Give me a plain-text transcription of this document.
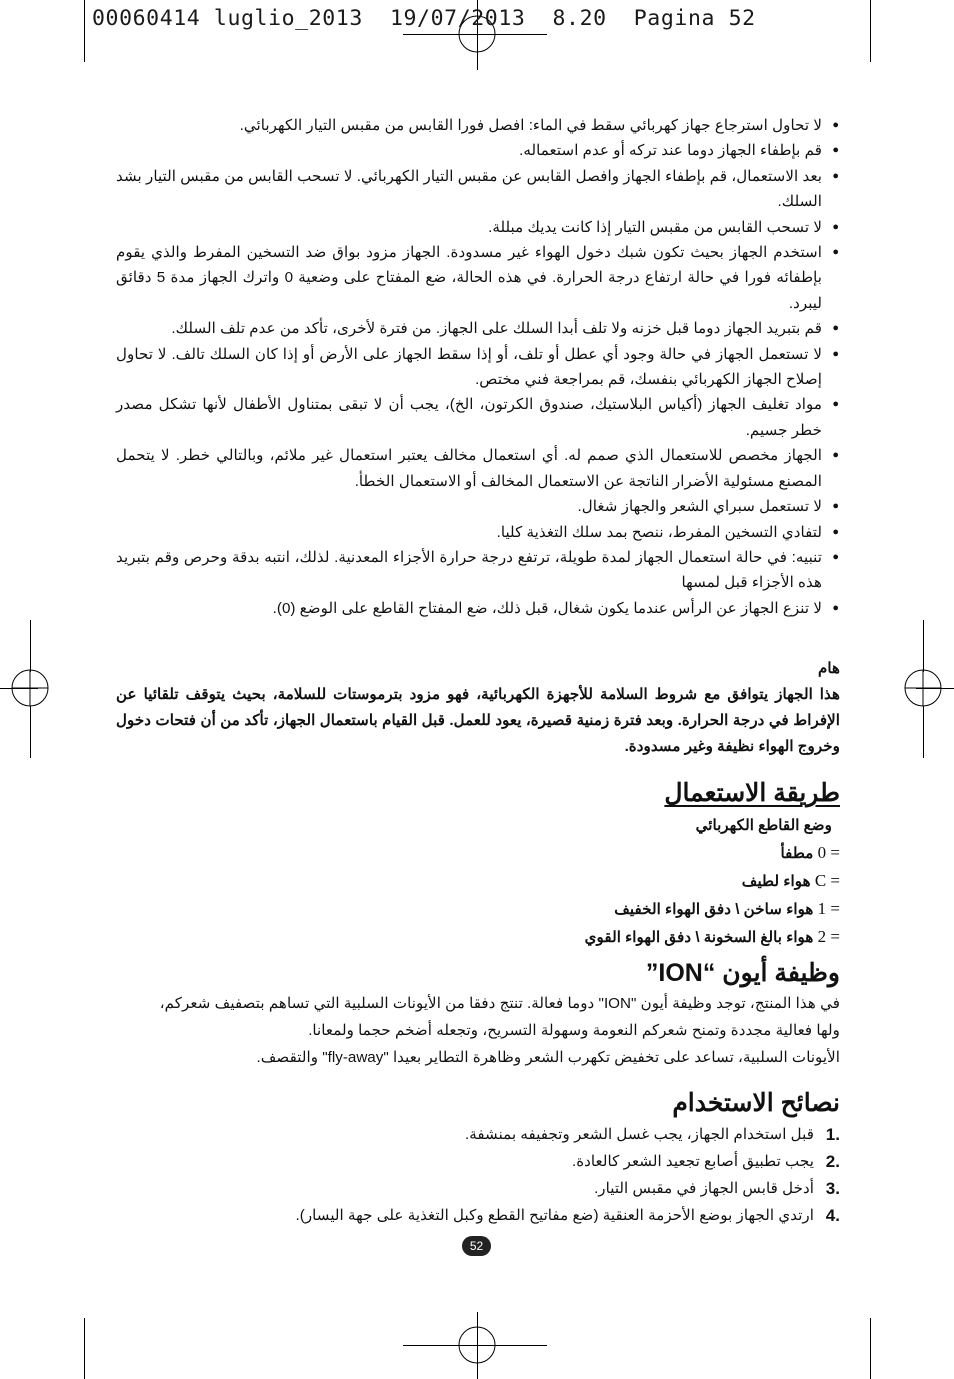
00060414 luglio_2013  19/07/2013  8.20  Pagina 52
●
لا تحاول استرجاع جهاز كهربائي سقط في الماء: افصل فورا القابس من مقبس التيار الكهربائي.
●
قم بإطفاء الجهاز دوما عند تركه أو عدم استعماله.
●
بعد الاستعمال، قم بإطفاء الجهاز وافصل القابس عن مقبس التيار الكهربائي. لا تسحب القابس من مقبس التيار بشد السلك.
●
لا تسحب القابس من مقبس التيار إذا كانت يديك مبللة.
●
استخدم الجهاز بحيث تكون شبك دخول الهواء غير مسدودة. الجهاز مزود بواق ضد التسخين المفرط والذي يقوم بإطفائه فورا في حالة ارتفاع درجة الحرارة. في هذه الحالة، ضع المفتاح على وضعية 0 واترك الجهاز مدة 5 دقائق ليبرد.
●
قم بتبريد الجهاز دوما قبل خزنه ولا تلف أبدا السلك على الجهاز. من فترة لأخرى، تأكد من عدم تلف السلك.
●
لا تستعمل الجهاز في حالة وجود أي عطل أو تلف، أو إذا سقط الجهاز على الأرض أو إذا كان السلك تالف. لا تحاول إصلاح الجهاز الكهربائي بنفسك، قم بمراجعة فني مختص.
●
مواد تغليف الجهاز (أكياس البلاستيك، صندوق الكرتون، الخ)، يجب أن لا تبقى بمتناول الأطفال لأنها تشكل مصدر خطر جسيم.
●
الجهاز مخصص للاستعمال الذي صمم له. أي استعمال مخالف يعتبر استعمال غير ملائم، وبالتالي خطر. لا يتحمل المصنع مسئولية الأضرار الناتجة عن الاستعمال المخالف أو الاستعمال الخطأ.
●
لا تستعمل سبراي الشعر والجهاز شغال.
●
لتفادي التسخين المفرط، ننصح بمد سلك التغذية كليا.
●
تنبيه: في حالة استعمال الجهاز لمدة طويلة، ترتفع درجة حرارة الأجزاء المعدنية. لذلك، انتبه بدقة وحرص وقم بتبريد هذه الأجزاء قبل لمسها
●
لا تنزع الجهاز عن الرأس عندما يكون شغال، قبل ذلك، ضع المفتاح القاطع على الوضع (0).
هام
هذا الجهاز يتوافق مع شروط السلامة للأجهزة الكهربائية، فهو مزود بترموستات للسلامة، بحيث يتوقف تلقائيا عن الإفراط في درجة الحرارة. وبعد فترة زمنية قصيرة، يعود للعمل. قبل القيام باستعمال الجهاز، تأكد من أن فتحات دخول وخروج الهواء نظيفة وغير مسدودة.
طريقة الاستعمال
وضع القاطع الكهربائي
0 = مطفأ
C = هواء لطيف
1 = هواء ساخن \ دفق الهواء الخفيف
2 = هواء بالغ السخونة \ دفق الهواء القوي
وظيفة أيون “ION”
في هذا المنتج، توجد وظيفة أيون "ION" دوما فعالة. تنتج دفقا من الأيونات السلبية التي تساهم بتصفيف شعركم،
ولها فعالية مجددة وتمنح شعركم النعومة وسهولة التسريح، وتجعله أضخم حجما ولمعانا.
الأيونات السلبية، تساعد على تخفيض تكهرب الشعر وظاهرة التطاير بعيدا "fly-away" والتقصف.
نصائح الاستخدام
.1
قبل استخدام الجهاز، يجب غسل الشعر وتجفيفه بمنشفة.
.2
يجب تطبيق أصابع تجعيد الشعر كالعادة.
.3
أدخل قابس الجهاز في مقبس التيار.
.4
ارتدي الجهاز بوضع الأحزمة العنقية (ضع مفاتيح القطع وكبل التغذية على جهة اليسار).
52
